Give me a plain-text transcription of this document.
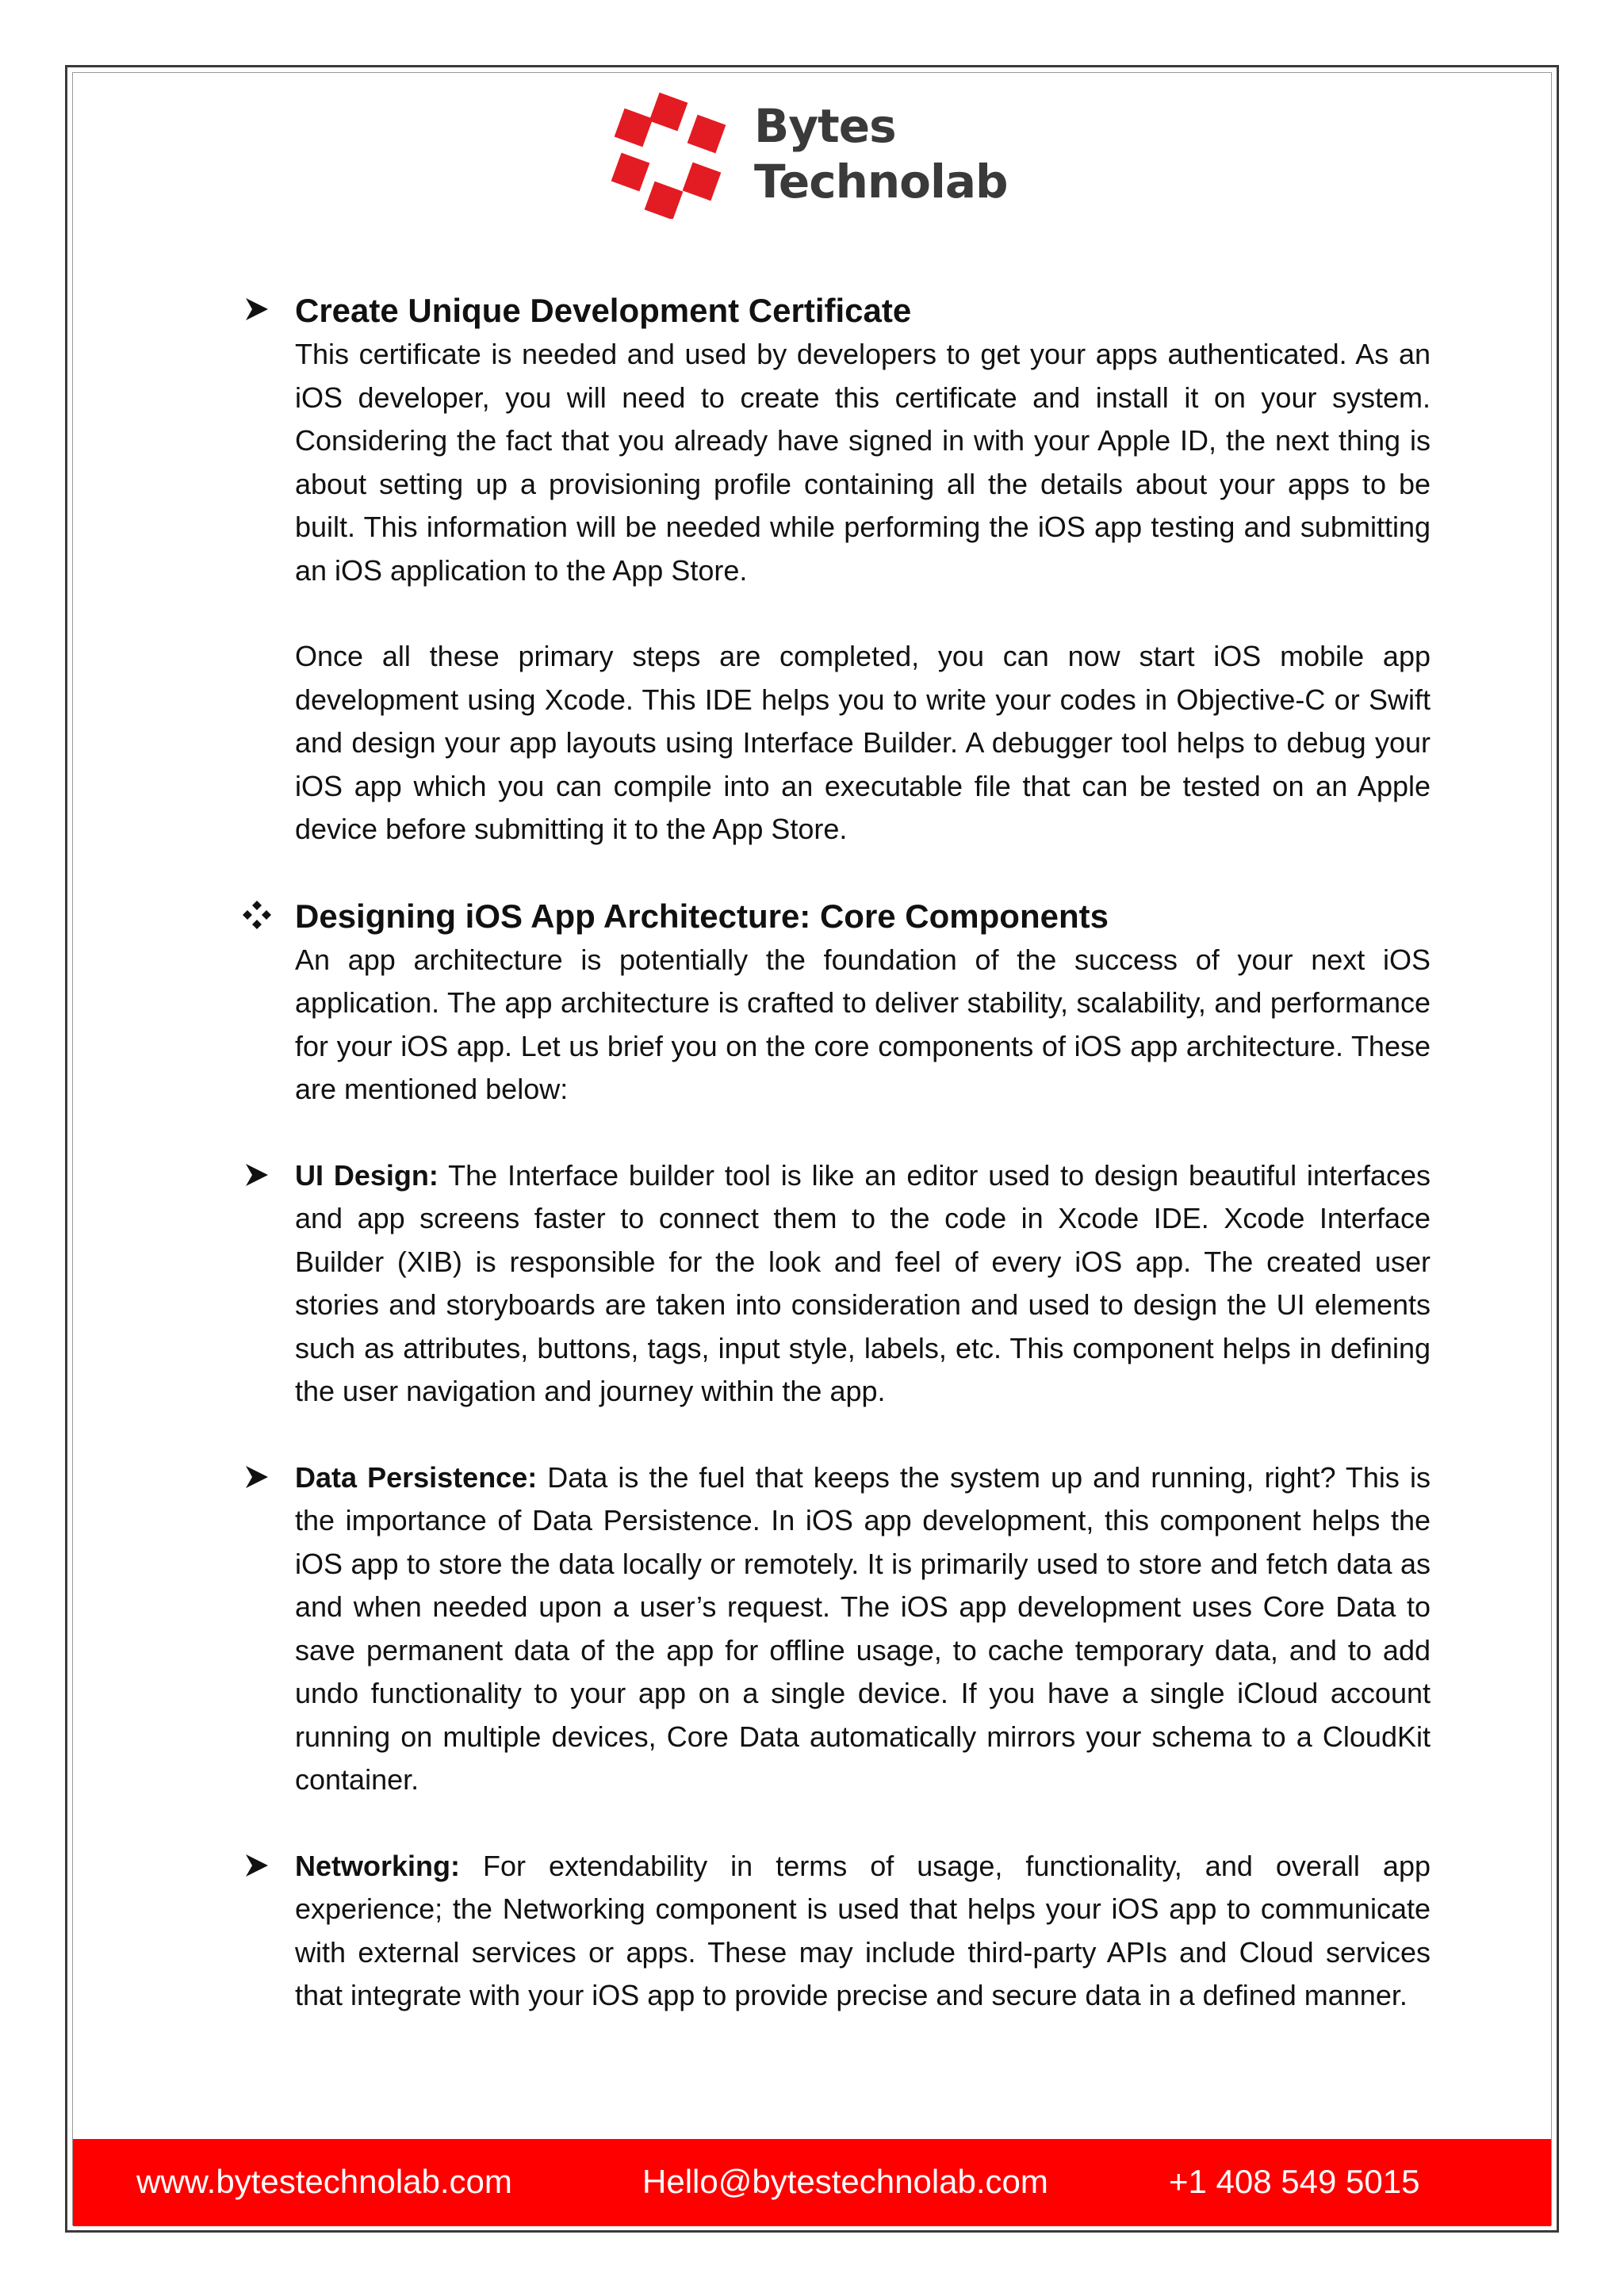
Bytes
Technolab
Create Unique Development Certificate

This certificate is needed and used by developers to get your apps authenticated. As an iOS developer, you will need to create this certificate and install it on your system. Considering the fact that you already have signed in with your Apple ID, the next thing is about setting up a provisioning profile containing all the details about your apps to be built. This information will be needed while performing the iOS app testing and submitting an iOS application to the App Store.

Once all these primary steps are completed, you can now start iOS mobile app development using Xcode. This IDE helps you to write your codes in Objective-C or Swift and design your app layouts using Interface Builder. A debugger tool helps to debug your iOS app which you can compile into an executable file that can be tested on an Apple device before submitting it to the App Store.

Designing iOS App Architecture: Core Components

An app architecture is potentially the foundation of the success of your next iOS application. The app architecture is crafted to deliver stability, scalability, and performance for your iOS app. Let us brief you on the core components of iOS app architecture. These are mentioned below:

UI Design: The Interface builder tool is like an editor used to design beautiful interfaces and app screens faster to connect them to the code in Xcode IDE. Xcode Interface Builder (XIB) is responsible for the look and feel of every iOS app. The created user stories and storyboards are taken into consideration and used to design the UI elements such as attributes, buttons, tags, input style, labels, etc. This component helps in defining the user navigation and journey within the app.

Data Persistence: Data is the fuel that keeps the system up and running, right? This is the importance of Data Persistence. In iOS app development, this component helps the iOS app to store the data locally or remotely. It is primarily used to store and fetch data as and when needed upon a user’s request. The iOS app development uses Core Data to save permanent data of the app for offline usage, to cache temporary data, and to add undo functionality to your app on a single device. If you have a single iCloud account running on multiple devices, Core Data automatically mirrors your schema to a CloudKit container.

Networking: For extendability in terms of usage, functionality, and overall app experience; the Networking component is used that helps your iOS app to communicate with external services or apps. These may include third-party APIs and Cloud services that integrate with your iOS app to provide precise and secure data in a defined manner.

www.bytestechnolab.com	Hello@bytestechnolab.com	+1 408 549 5015
